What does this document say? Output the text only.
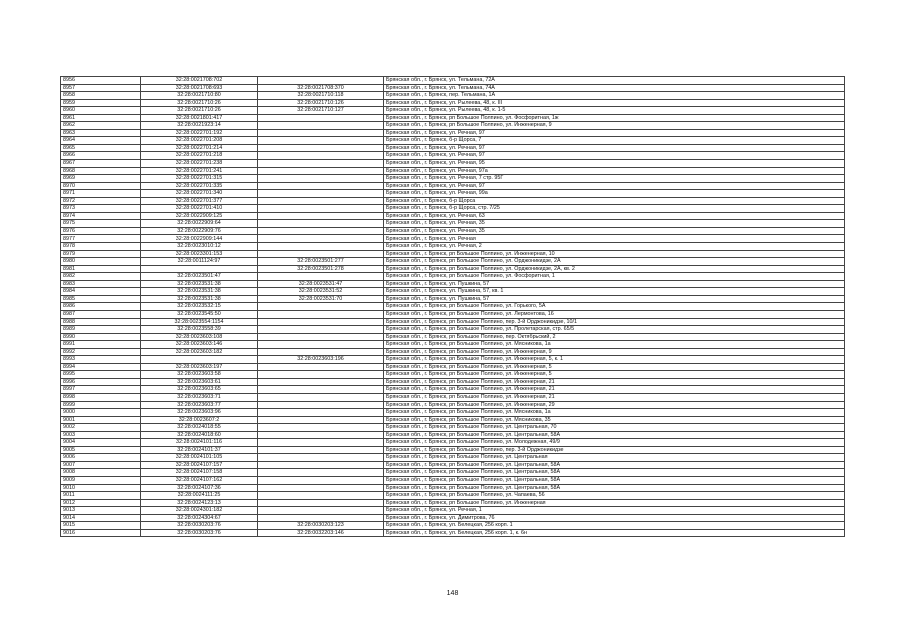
8956	32:28:0021708:702		Брянская обл., г. Брянск, ул. Тельмана, 72А
8957	32:28:0021708:693	32:28:0021708:370	Брянская обл., г. Брянск, ул. Тельмана, 74А
8958	32:28:0021710:80	32:28:0021710:118	Брянская обл., г. Брянск, пер. Тельмана, 1А
8959	32:28:0021710:26	32:28:0021710:126	Брянская обл., г. Брянск, ул. Рылеева, 48, к. III
8960	32:28:0021710:26	32:28:0021710:127	Брянская обл., г. Брянск, ул. Рылеева, 48, к. 1-5
8961	32:28:0021801:417		Брянская обл., г. Брянск, рп Большое Полпино, ул. Фосфоритная, 1ж
8962	32:28:0021923:14		Брянская обл., г. Брянск, рп Большое Полпино, ул. Инженерная, 9
8963	32:28:0022701:192		Брянская обл., г. Брянск, ул. Речная, 97
8964	32:28:0022701:208		Брянская обл., г. Брянск, б-р Щорса, 7
8965	32:28:0022701:214		Брянская обл., г. Брянск, ул. Речная, 97
8966	32:28:0022701:218		Брянская обл., г. Брянск, ул. Речная, 97
8967	32:28:0022701:238		Брянская обл., г. Брянск, ул. Речная, 95
8968	32:28:0022701:241		Брянская обл., г. Брянск, ул. Речная, 97а
8969	32:28:0022701:315		Брянская обл., г. Брянск, ул. Речная, 7 стр. 95Г
8970	32:28:0022701:335		Брянская обл., г. Брянск, ул. Речная, 97
8971	32:28:0022701:340		Брянская обл., г. Брянск, ул. Речная, 99а
8972	32:28:0022701:377		Брянская обл., г. Брянск, б-р Щорса
8973	32:28:0022701:410		Брянская обл., г. Брянск, б-р Щорса, стр. 7/25
8974	32:28:0022909:125		Брянская обл., г. Брянск, ул. Речная, 63
8975	32:28:0022909:64		Брянская обл., г. Брянск, ул. Речная, 35
8976	32:28:0022909:76		Брянская обл., г. Брянск, ул. Речная, 35
8977	32:28:0022909:144		Брянская обл., г. Брянск, ул. Речная
8978	32:28:0023010:12		Брянская обл., г. Брянск, ул. Речная, 2
8979	32:28:0023301:153		Брянская обл., г. Брянск, рп Большое Полпино, ул. Инженерная, 10
8980	32:28:0011124:97	32:28:0023501:277	Брянская обл., г. Брянск, рп Большое Полпино, ул. Орджоникидзе, 2А
8981		32:28:0023501:278	Брянская обл., г. Брянск, рп Большое Полпино, ул. Орджоникидзе, 2А, кв. 2
8982	32:28:0023501:47		Брянская обл., г. Брянск, рп Большое Полпино, ул. Фосфоритная, 1
8983	32:28:0023531:38	32:28:0023531:47	Брянская обл., г. Брянск, ул. Пушкина, 57
8984	32:28:0023531:38	32:28:0023531:52	Брянская обл., г. Брянск, ул. Пушкина, 57, кв. 1
8985	32:28:0023531:38	32:28:0023531:70	Брянская обл., г. Брянск, ул. Пушкина, 57
8986	32:28:0023532:15		Брянская обл., г. Брянск, рп Большое Полпино, ул. Горького, 5А
8987	32:28:0023545:50		Брянская обл., г. Брянск, рп Большое Полпино, ул. Лермонтова, 16
8988	32:28:0023554:1154		Брянская обл., г. Брянск, рп Большое Полпино, пер. 3-й Орджоникидзе, 10/1
8989	32:28:0023558:39		Брянская обл., г. Брянск, рп Большое Полпино, ул. Пролетарская, стр. 65/5
8990	32:28:0023603:108		Брянская обл., г. Брянск, рп Большое Полпино, пер. Октябрьский, 2
8991	32:28:0023603:146		Брянская обл., г. Брянск, рп Большое Полпино, ул. Мясникова, 1а
8992	32:28:0023603:182		Брянская обл., г. Брянск, рп Большое Полпино, ул. Инженерная, 9
8993		32:28:0023603:196	Брянская обл., г. Брянск, рп Большое Полпино, ул. Инженерная, 5, к. 1
8994	32:28:0023603:197		Брянская обл., г. Брянск, рп Большое Полпино, ул. Инженерная, 5
8995	32:28:0023603:58		Брянская обл., г. Брянск, рп Большое Полпино, ул. Инженерная, 5
8996	32:28:0023603:61		Брянская обл., г. Брянск, рп Большое Полпино, ул. Инженерная, 21
8997	32:28:0023603:65		Брянская обл., г. Брянск, рп Большое Полпино, ул. Инженерная, 21
8998	32:28:0023603:71		Брянская обл., г. Брянск, рп Большое Полпино, ул. Инженерная, 21
8999	32:28:0023603:77		Брянская обл., г. Брянск, рп Большое Полпино, ул. Инженерная, 29
9000	32:28:0023603:96		Брянская обл., г. Брянск, рп Большое Полпино, ул. Мясникова, 1а
9001	32:28:0023607:2		Брянская обл., г. Брянск, рп Большое Полпино, ул. Мясникова, 35
9002	32:28:0024018:55		Брянская обл., г. Брянск, рп Большое Полпино, ул. Центральная, 70
9003	32:28:0024018:60		Брянская обл., г. Брянск, рп Большое Полпино, ул. Центральная, 58А
9004	32:28:0024101:116		Брянская обл., г. Брянск, рп Большое Полпино, ул. Молодежная, 49/9
9005	32:28:0024101:37		Брянская обл., г. Брянск, рп Большое Полпино, пер. 3-й Орджоникидзе
9006	32:28:0024101:105		Брянская обл., г. Брянск, рп Большое Полпино, ул. Центральная
9007	32:28:0024107:157		Брянская обл., г. Брянск, рп Большое Полпино, ул. Центральная, 58А
9008	32:28:0024107:158		Брянская обл., г. Брянск, рп Большое Полпино, ул. Центральная, 58А
9009	32:28:0024107:162		Брянская обл., г. Брянск, рп Большое Полпино, ул. Центральная, 58А
9010	32:28:0024107:36		Брянская обл., г. Брянск, рп Большое Полпино, ул. Центральная, 58А
9011	32:28:0024111:25		Брянская обл., г. Брянск, рп Большое Полпино, ул. Чапаева, 56
9012	32:28:0024123:13		Брянская обл., г. Брянск, рп Большое Полпино, ул. Инженерная
9013	32:28:0024301:182		Брянская обл., г. Брянск, ул. Речная, 1
9014	32:28:0024304:67		Брянская обл., г. Брянск, ул. Димитрова, 76
9015	32:28:0030203:76	32:28:0030203:123	Брянская обл., г. Брянск, ул. Белецкая, 256 корп. 1
9016	32:28:0030203:76	32:28:0032203:146	Брянская обл., г. Брянск, ул. Белецкая, 256 корп. 1, к. 6н
148
